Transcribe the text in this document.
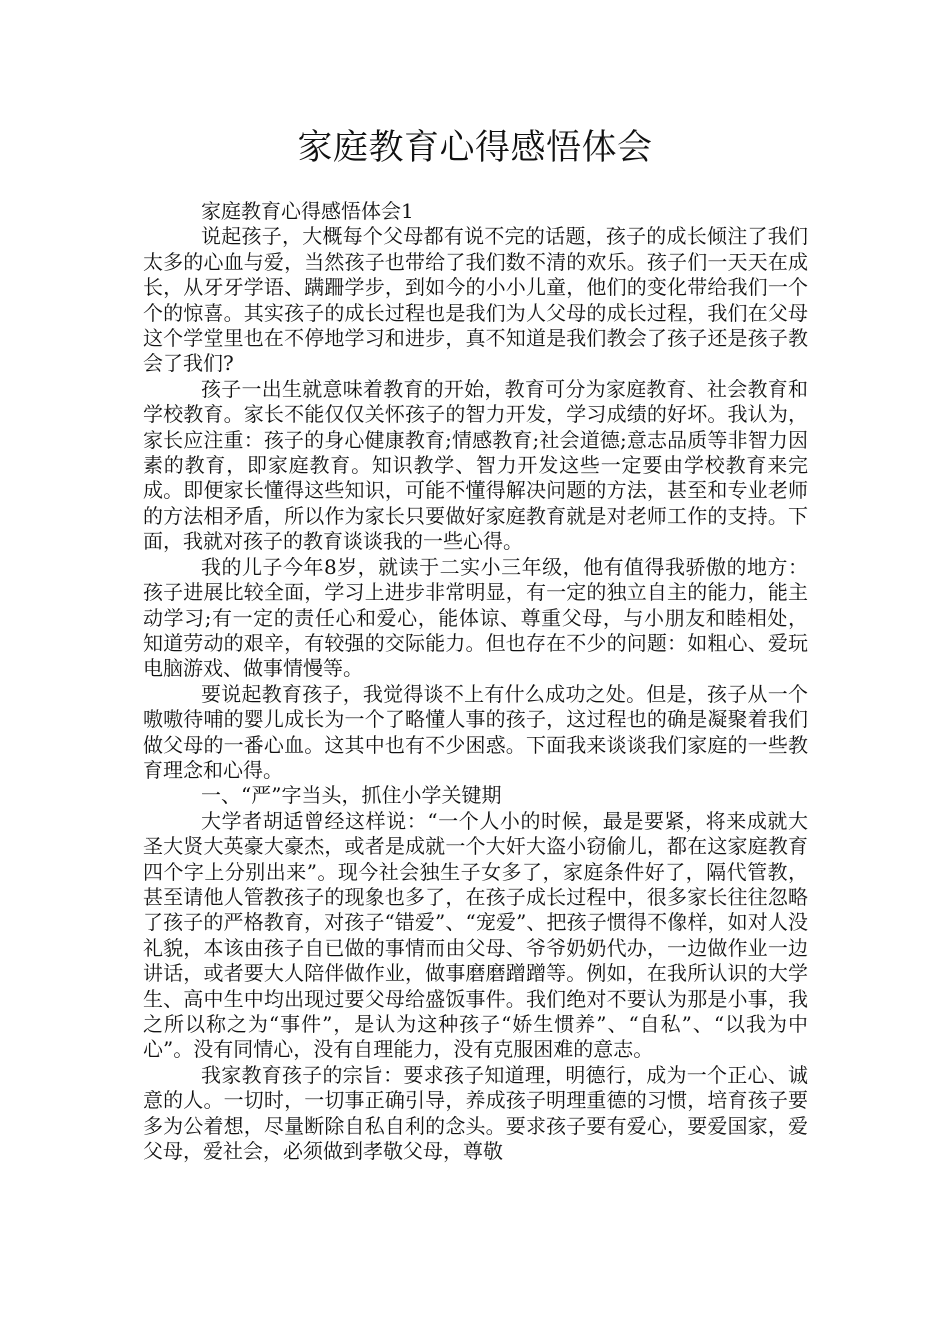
家庭教育心得感悟体会

家庭教育心得感悟体会1

说起孩子，大概每个父母都有说不完的话题，孩子的成长倾注了我们太多的心血与爱，当然孩子也带给了我们数不清的欢乐。孩子们一天天在成长，从牙牙学语、蹒跚学步，到如今的小小儿童，他们的变化带给我们一个个的惊喜。其实孩子的成长过程也是我们为人父母的成长过程，我们在父母这个学堂里也在不停地学习和进步，真不知道是我们教会了孩子还是孩子教会了我们?

孩子一出生就意味着教育的开始，教育可分为家庭教育、社会教育和学校教育。家长不能仅仅关怀孩子的智力开发，学习成绩的好坏。我认为，家长应注重：孩子的身心健康教育;情感教育;社会道德;意志品质等非智力因素的教育，即家庭教育。知识教学、智力开发这些一定要由学校教育来完成。即便家长懂得这些知识，可能不懂得解决问题的方法，甚至和专业老师的方法相矛盾，所以作为家长只要做好家庭教育就是对老师工作的支持。下面，我就对孩子的教育谈谈我的一些心得。

我的儿子今年8岁，就读于二实小三年级，他有值得我骄傲的地方：孩子进展比较全面，学习上进步非常明显，有一定的独立自主的能力，能主动学习;有一定的责任心和爱心，能体谅、尊重父母，与小朋友和睦相处，知道劳动的艰辛，有较强的交际能力。但也存在不少的问题：如粗心、爱玩电脑游戏、做事情慢等。

要说起教育孩子，我觉得谈不上有什么成功之处。但是，孩子从一个嗷嗷待哺的婴儿成长为一个了略懂人事的孩子，这过程也的确是凝聚着我们做父母的一番心血。这其中也有不少困惑。下面我来谈谈我们家庭的一些教育理念和心得。

一、“严”字当头，抓住小学关键期

大学者胡适曾经这样说：“一个人小的时候，最是要紧，将来成就大圣大贤大英豪大豪杰，或者是成就一个大奸大盗小窃偷儿，都在这家庭教育四个字上分别出来”。现今社会独生子女多了，家庭条件好了，隔代管教，甚至请他人管教孩子的现象也多了，在孩子成长过程中，很多家长往往忽略了孩子的严格教育，对孩子“错爱”、“宠爱”、把孩子惯得不像样，如对人没礼貌，本该由孩子自已做的事情而由父母、爷爷奶奶代办，一边做作业一边讲话，或者要大人陪伴做作业，做事磨磨蹭蹭等。例如，在我所认识的大学生、高中生中均出现过要父母给盛饭事件。我们绝对不要认为那是小事，我之所以称之为“事件”，是认为这种孩子“娇生惯养”、“自私”、“以我为中心”。没有同情心，没有自理能力，没有克服困难的意志。

我家教育孩子的宗旨：要求孩子知道理，明德行，成为一个正心、诚意的人。一切时，一切事正确引导，养成孩子明理重德的习惯，培育孩子要多为公着想，尽量断除自私自利的念头。要求孩子要有爱心，要爱国家，爱父母，爱社会，必须做到孝敬父母，尊敬
